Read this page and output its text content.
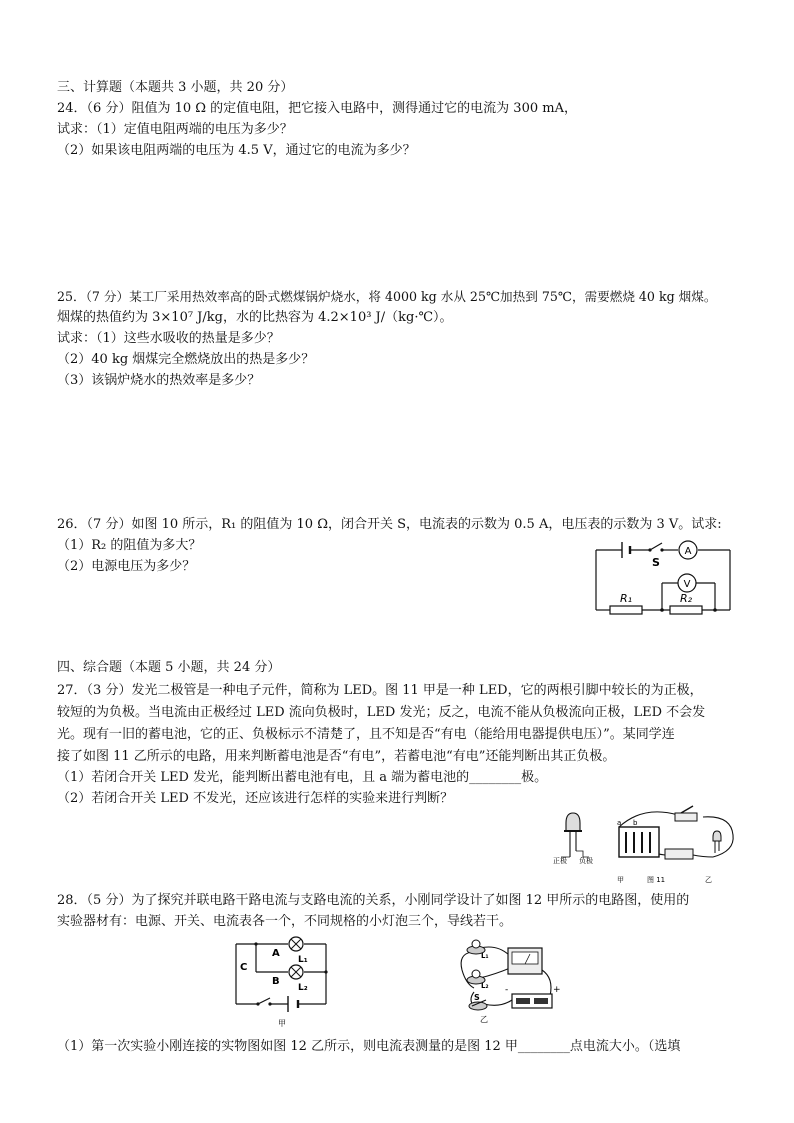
三、计算题（本题共 3 小题，共 20 分）
24．（6 分）阻值为 10 Ω 的定值电阻，把它接入电路中，测得通过它的电流为 300 mA，
试求：（1）定值电阻两端的电压为多少？
（2）如果该电阻两端的电压为 4.5 V，通过它的电流为多少？
25．（7 分）某工厂采用热效率高的卧式燃煤锅炉烧水，将 4000 kg 水从 25℃加热到 75℃，需要燃烧 40 kg 烟煤。
烟煤的热值约为 3×10⁷ J/kg，水的比热容为 4.2×10³ J/（kg·℃）。
试求：（1）这些水吸收的热量是多少？
（2）40 kg 烟煤完全燃烧放出的热是多少？
（3）该锅炉烧水的热效率是多少？
26．（7 分）如图 10 所示，R₁ 的阻值为 10 Ω，闭合开关 S，电流表的示数为 0.5 A，电压表的示数为 3 V。试求:
（1）R₂ 的阻值为多大？
（2）电源电压为多少？
A
V
S
R₁	R₂
四、综合题（本题 5 小题，共 24 分）
27．（3 分）发光二极管是一种电子元件，简称为 LED。图 11 甲是一种 LED，它的两根引脚中较长的为正极，
较短的为负极。当电流由正极经过 LED 流向负极时，LED 发光；反之，电流不能从负极流向正极，LED 不会发
光。现有一旧的蓄电池，它的正、负极标示不清楚了，且不知是否“有电（能给用电器提供电压）”。某同学连
接了如图 11 乙所示的电路，用来判断蓄电池是否“有电”，若蓄电池“有电”还能判断出其正负极。
（1）若闭合开关 LED 发光，能判断出蓄电池有电，且 a 端为蓄电池的________极。
（2）若闭合开关 LED 不发光，还应该进行怎样的实验来进行判断？
正极 负极
a b
甲	图 11	乙
28．（5 分）为了探究并联电路干路电流与支路电流的关系，小刚同学设计了如图 12 甲所示的电路图，使用的
实验器材有：电源、开关、电流表各一个，不同规格的小灯泡三个，导线若干。
A
B
C
L₁
L₂
甲
+
-
L₁
L₂
S
乙
（1）第一次实验小刚连接的实物图如图 12 乙所示，则电流表测量的是图 12 甲________点电流大小。（选填
